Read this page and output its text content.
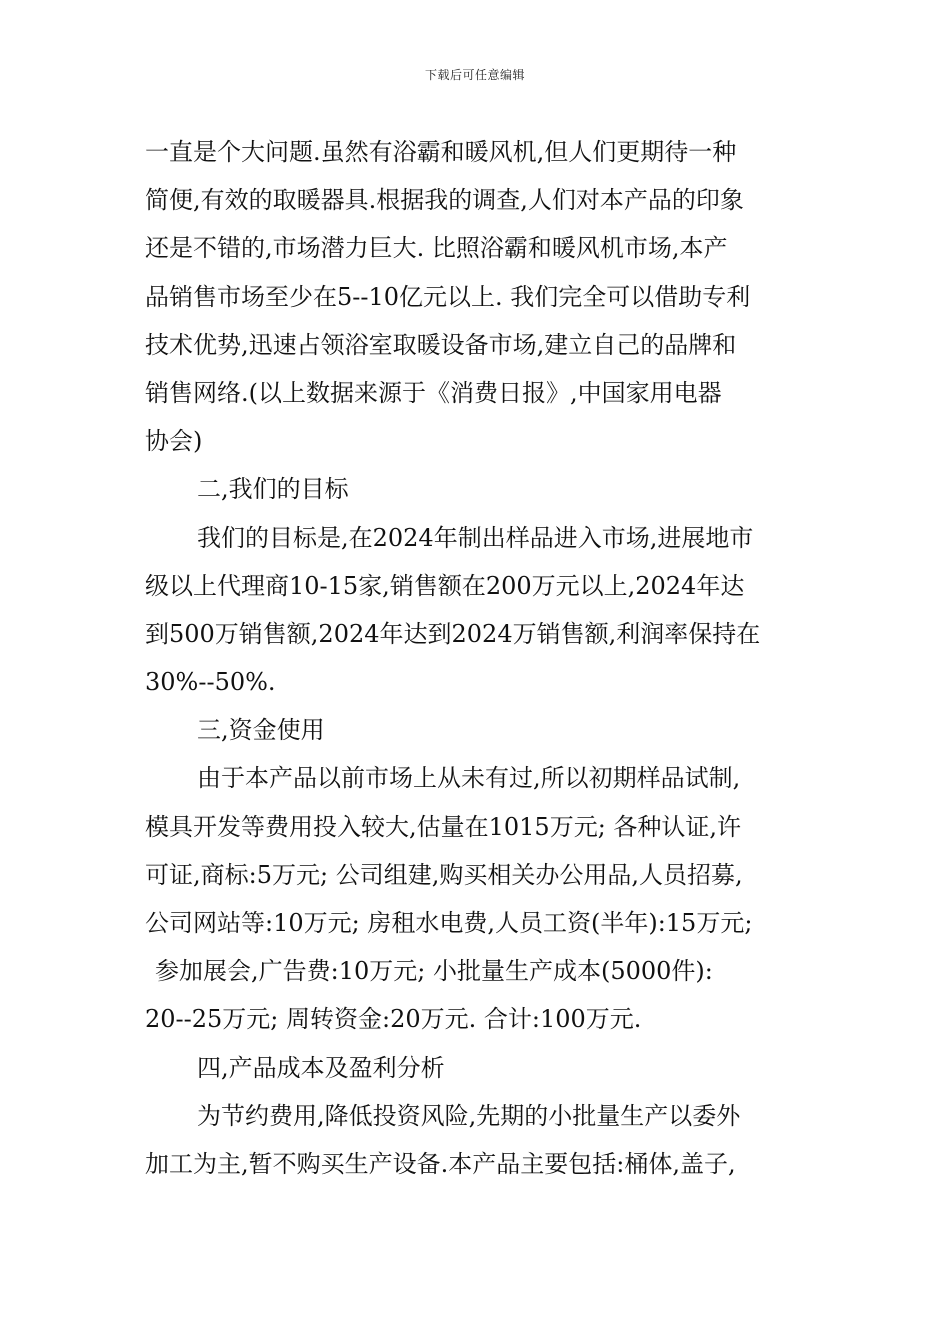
下载后可任意编辑
一直是个大问题.虽然有浴霸和暖风机,但人们更期待一种
简便,有效的取暖器具.根据我的调查,人们对本产品的印象
还是不错的,市场潜力巨大. 比照浴霸和暖风机市场,本产
品销售市场至少在5--10亿元以上. 我们完全可以借助专利
技术优势,迅速占领浴室取暖设备市场,建立自己的品牌和
销售网络.(以上数据来源于《消费日报》,中国家用电器
协会)
二,我们的目标
我们的目标是,在2024年制出样品进入市场,进展地市
级以上代理商10-15家,销售额在200万元以上,2024年达
到500万销售额,2024年达到2024万销售额,利润率保持在
30%--50%.
三,资金使用
由于本产品以前市场上从未有过,所以初期样品试制,
模具开发等费用投入较大,估量在1015万元; 各种认证,许
可证,商标:5万元; 公司组建,购买相关办公用品,人员招募,
公司网站等:10万元; 房租水电费,人员工资(半年):15万元;
参加展会,广告费:10万元; 小批量生产成本(5000件):
20--25万元; 周转资金:20万元. 合计:100万元.
四,产品成本及盈利分析
为节约费用,降低投资风险,先期的小批量生产以委外
加工为主,暂不购买生产设备.本产品主要包括:桶体,盖子,
